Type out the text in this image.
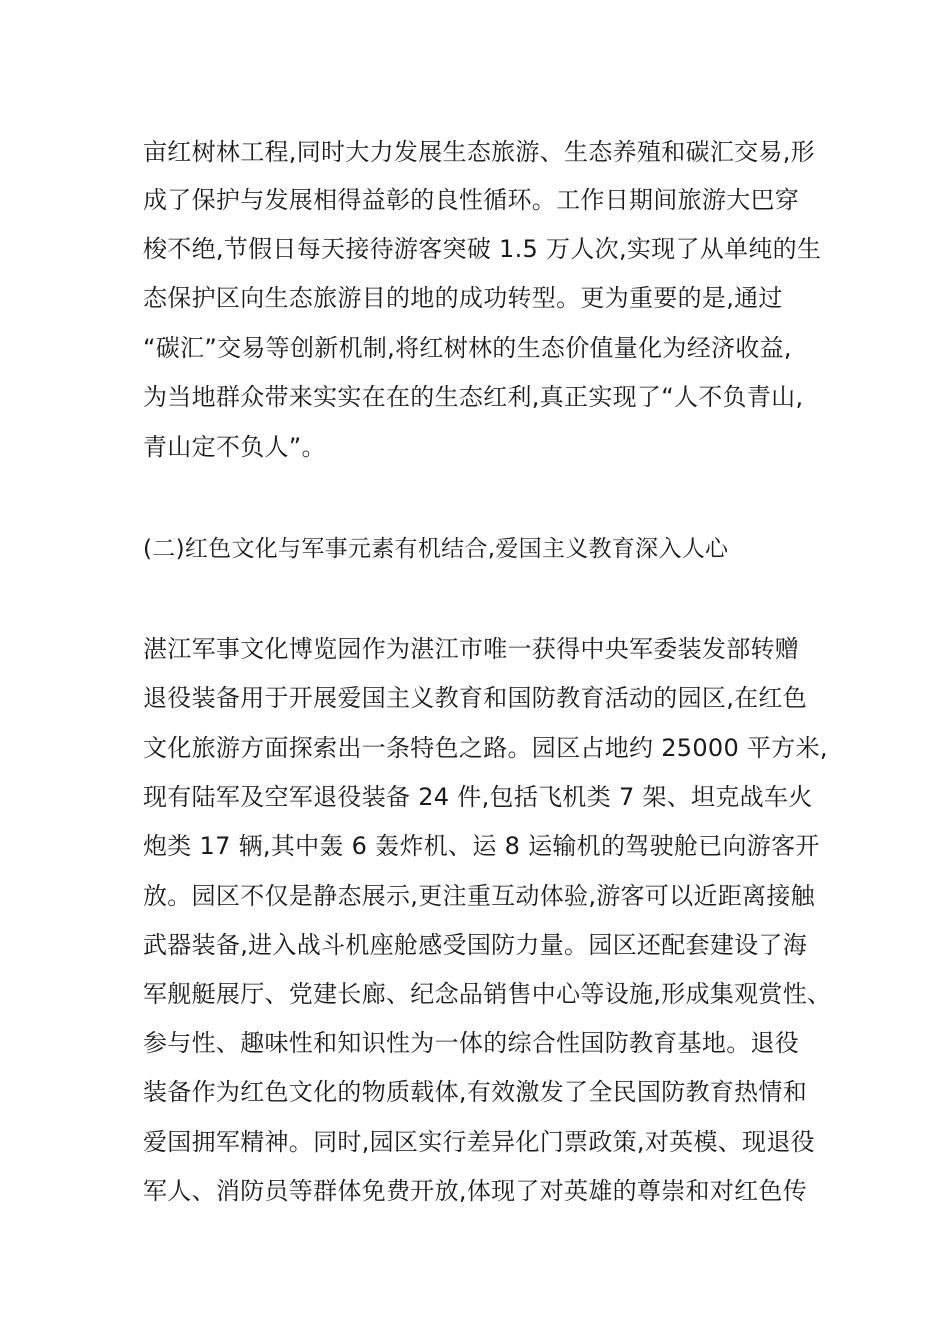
亩红树林工程,同时大力发展生态旅游、生态养殖和碳汇交易,形
成了保护与发展相得益彰的良性循环。工作日期间旅游大巴穿
梭不绝,节假日每天接待游客突破 1.5 万人次,实现了从单纯的生
态保护区向生态旅游目的地的成功转型。更为重要的是,通过
“碳汇”交易等创新机制,将红树林的生态价值量化为经济收益,
为当地群众带来实实在在的生态红利,真正实现了“人不负青山,
青山定不负人”。
(二)红色文化与军事元素有机结合,爱国主义教育深入人心
湛江军事文化博览园作为湛江市唯一获得中央军委装发部转赠
退役装备用于开展爱国主义教育和国防教育活动的园区,在红色
文化旅游方面探索出一条特色之路。园区占地约 25000 平方米,
现有陆军及空军退役装备 24 件,包括飞机类 7 架、坦克战车火
炮类 17 辆,其中轰 6 轰炸机、运 8 运输机的驾驶舱已向游客开
放。园区不仅是静态展示,更注重互动体验,游客可以近距离接触
武器装备,进入战斗机座舱感受国防力量。园区还配套建设了海
军舰艇展厅、党建长廊、纪念品销售中心等设施,形成集观赏性、
参与性、趣味性和知识性为一体的综合性国防教育基地。退役
装备作为红色文化的物质载体,有效激发了全民国防教育热情和
爱国拥军精神。同时,园区实行差异化门票政策,对英模、现退役
军人、消防员等群体免费开放,体现了对英雄的尊崇和对红色传
